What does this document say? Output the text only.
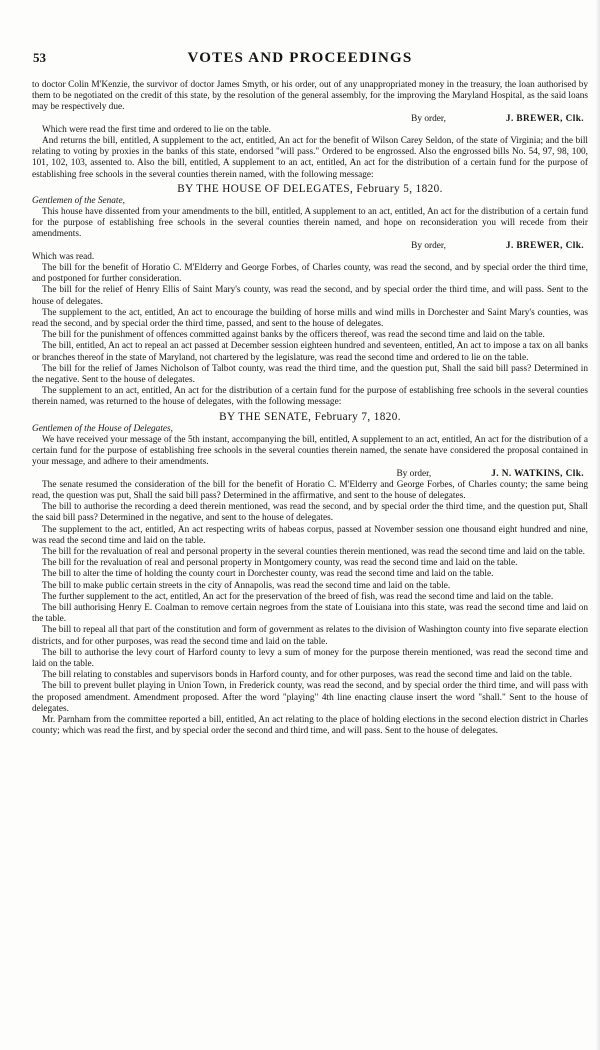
53	VOTES AND PROCEEDINGS

to doctor Colin M'Kenzie, the survivor of doctor James Smyth, or his order, out of any unappropriated money in the treasury, the loan authorised by them to be negotiated on the credit of this state, by the resolution of the general assembly, for the improving the Maryland Hospital, as the said loans may be respectively due.

By order,	J. BREWER, Clk.

Which were read the first time and ordered to lie on the table.

And returns the bill, entitled, A supplement to the act, entitled, An act for the benefit of Wilson Carey Seldon, of the state of Virginia; and the bill relating to voting by proxies in the banks of this state, endorsed "will pass." Ordered to be engrossed. Also the engrossed bills No. 54, 97, 98, 100, 101, 102, 103, assented to. Also the bill, entitled, A supplement to an act, entitled, An act for the distribution of a certain fund for the purpose of establishing free schools in the several counties therein named, with the following message:

BY THE HOUSE OF DELEGATES, February 5, 1820.

Gentlemen of the Senate,

This house have dissented from your amendments to the bill, entitled, A supplement to an act, entitled, An act for the distribution of a certain fund for the purpose of establishing free schools in the several counties therein named, and hope on reconsideration you will recede from their amendments.

By order,	J. BREWER, Clk.

Which was read.

The bill for the benefit of Horatio C. M'Elderry and George Forbes, of Charles county, was read the second, and by special order the third time, and postponed for further consideration.

The bill for the relief of Henry Ellis of Saint Mary's county, was read the second, and by special order the third time, and will pass. Sent to the house of delegates.

The supplement to the act, entitled, An act to encourage the building of horse mills and wind mills in Dorchester and Saint Mary's counties, was read the second, and by special order the third time, passed, and sent to the house of delegates.

The bill for the punishment of offences committed against banks by the officers thereof, was read the second time and laid on the table.

The bill, entitled, An act to repeal an act passed at December session eighteen hundred and seventeen, entitled, An act to impose a tax on all banks or branches thereof in the state of Maryland, not chartered by the legislature, was read the second time and ordered to lie on the table.

The bill for the relief of James Nicholson of Talbot county, was read the third time, and the question put, Shall the said bill pass? Determined in the negative. Sent to the house of delegates.

The supplement to an act, entitled, An act for the distribution of a certain fund for the purpose of establishing free schools in the several counties therein named, was returned to the house of delegates, with the following message:

BY THE SENATE, February 7, 1820.

Gentlemen of the House of Delegates,

We have received your message of the 5th instant, accompanying the bill, entitled, A supplement to an act, entitled, An act for the distribution of a certain fund for the purpose of establishing free schools in the several counties therein named, the senate have considered the proposal contained in your message, and adhere to their amendments.

By order,	J. N. WATKINS, Clk.

The senate resumed the consideration of the bill for the benefit of Horatio C. M'Elderry and George Forbes, of Charles county; the same being read, the question was put, Shall the said bill pass? Determined in the affirmative, and sent to the house of delegates.

The bill to authorise the recording a deed therein mentioned, was read the second, and by special order the third time, and the question put, Shall the said bill pass? Determined in the negative, and sent to the house of delegates.

The supplement to the act, entitled, An act respecting writs of habeas corpus, passed at November session one thousand eight hundred and nine, was read the second time and laid on the table.

The bill for the revaluation of real and personal property in the several counties therein mentioned, was read the second time and laid on the table.

The bill for the revaluation of real and personal property in Montgomery county, was read the second time and laid on the table.

The bill to alter the time of holding the county court in Dorchester county, was read the second time and laid on the table.

The bill to make public certain streets in the city of Annapolis, was read the second time and laid on the table.

The further supplement to the act, entitled, An act for the preservation of the breed of fish, was read the second time and laid on the table.

The bill authorising Henry E. Coalman to remove certain negroes from the state of Louisiana into this state, was read the second time and laid on the table.

The bill to repeal all that part of the constitution and form of government as relates to the division of Washington county into five separate election districts, and for other purposes, was read the second time and laid on the table.

The bill to authorise the levy court of Harford county to levy a sum of money for the purpose therein mentioned, was read the second time and laid on the table.

The bill relating to constables and supervisors bonds in Harford county, and for other purposes, was read the second time and laid on the table.

The bill to prevent bullet playing in Union Town, in Frederick county, was read the second, and by special order the third time, and will pass with the proposed amendment. Amendment proposed. After the word "playing" 4th line enacting clause insert the word "shall." Sent to the house of delegates.

Mr. Parnham from the committee reported a bill, entitled, An act relating to the place of holding elections in the second election district in Charles county; which was read the first, and by special order the second and third time, and will pass. Sent to the house of delegates.
